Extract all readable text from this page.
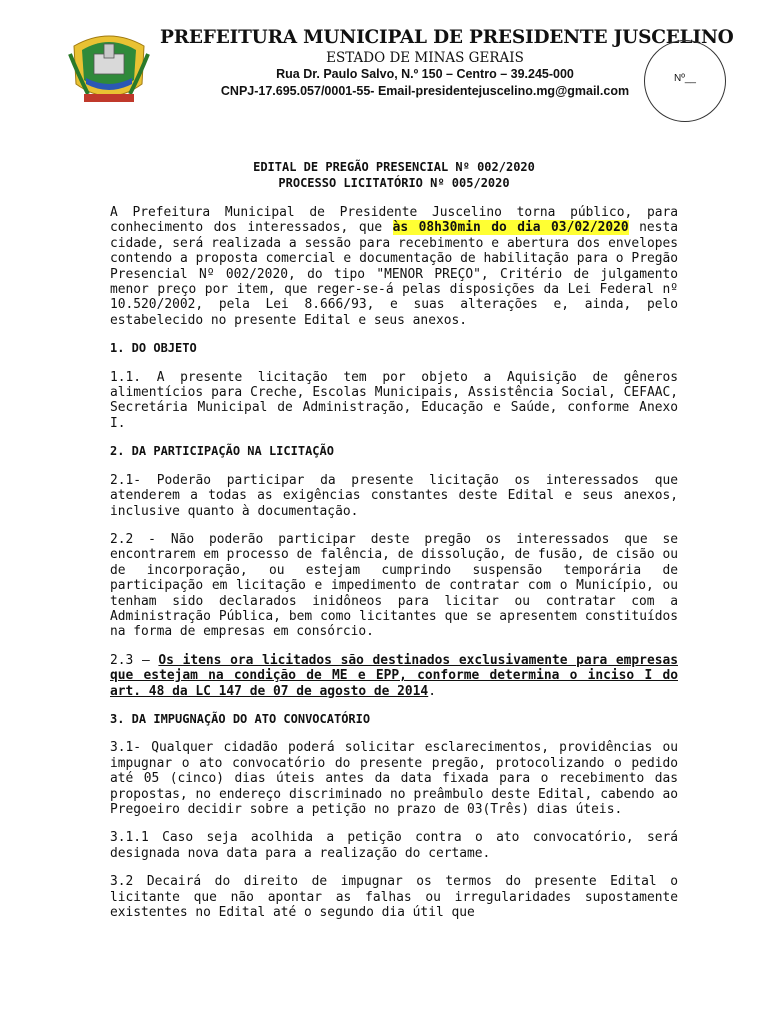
PREFEITURA MUNICIPAL DE PRESIDENTE JUSCELINO
ESTADO DE MINAS GERAIS
Rua Dr. Paulo Salvo, N.º 150 – Centro – 39.245-000
CNPJ-17.695.057/0001-55- Email-presidentejuscelino.mg@gmail.com
Nº__
EDITAL DE PREGÃO PRESENCIAL Nº 002/2020
PROCESSO LICITATÓRIO Nº 005/2020

A Prefeitura Municipal de Presidente Juscelino torna público, para conhecimento dos interessados, que às 08h30min do dia 03/02/2020 nesta cidade, será realizada a sessão para recebimento e abertura dos envelopes contendo a proposta comercial e documentação de habilitação para o Pregão Presencial Nº 002/2020, do tipo "MENOR PREÇO", Critério de julgamento menor preço por item, que reger-se-á pelas disposições da Lei Federal nº 10.520/2002, pela Lei 8.666/93, e suas alterações e, ainda, pelo estabelecido no presente Edital e seus anexos.

1. DO OBJETO

1.1. A presente licitação tem por objeto a Aquisição de gêneros alimentícios para Creche, Escolas Municipais, Assistência Social, CEFAAC, Secretária Municipal de Administração, Educação e Saúde, conforme Anexo I.

2. DA PARTICIPAÇÃO NA LICITAÇÃO

2.1- Poderão participar da presente licitação os interessados que atenderem a todas as exigências constantes deste Edital e seus anexos, inclusive quanto à documentação.

2.2 - Não poderão participar deste pregão os interessados que se encontrarem em processo de falência, de dissolução, de fusão, de cisão ou de incorporação, ou estejam cumprindo suspensão temporária de participação em licitação e impedimento de contratar com o Município, ou tenham sido declarados inidôneos para licitar ou contratar com a Administração Pública, bem como licitantes que se apresentem constituídos na forma de empresas em consórcio.

2.3 – Os itens ora licitados são destinados exclusivamente para empresas que estejam na condição de ME e EPP, conforme determina o inciso I do art. 48 da LC 147 de 07 de agosto de 2014.

3. DA IMPUGNAÇÃO DO ATO CONVOCATÓRIO

3.1- Qualquer cidadão poderá solicitar esclarecimentos, providências ou impugnar o ato convocatório do presente pregão, protocolizando o pedido até 05 (cinco) dias úteis antes da data fixada para o recebimento das propostas, no endereço discriminado no preâmbulo deste Edital, cabendo ao Pregoeiro decidir sobre a petição no prazo de 03(Três) dias úteis.

3.1.1 Caso seja acolhida a petição contra o ato convocatório, será designada nova data para a realização do certame.

3.2 Decairá do direito de impugnar os termos do presente Edital o licitante que não apontar as falhas ou irregularidades supostamente existentes no Edital até o segundo dia útil que
